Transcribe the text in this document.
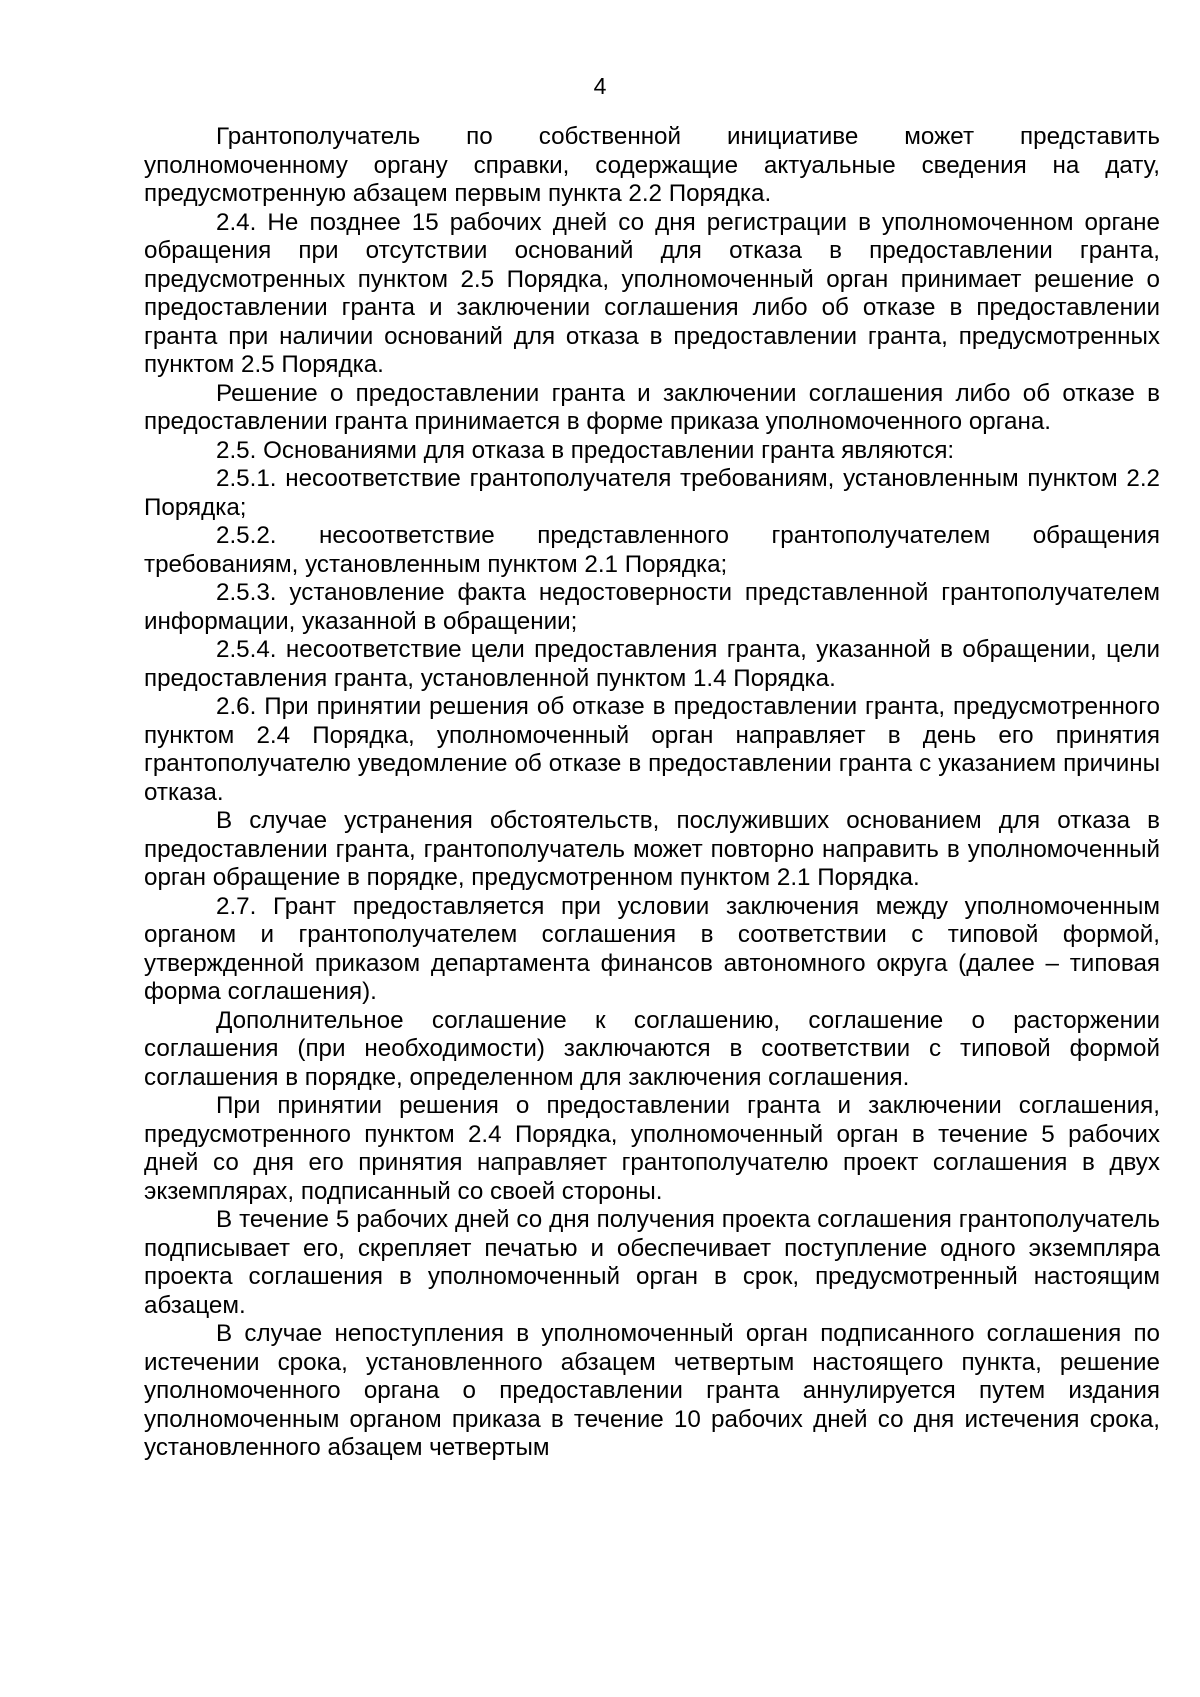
4

Грантополучатель по собственной инициативе может представить уполномоченному органу справки, содержащие актуальные сведения на дату, предусмотренную абзацем первым пункта 2.2 Порядка.

2.4. Не позднее 15 рабочих дней со дня регистрации в уполномоченном органе обращения при отсутствии оснований для отказа в предоставлении гранта, предусмотренных пунктом 2.5 Порядка, уполномоченный орган принимает решение о предоставлении гранта и заключении соглашения либо об отказе в предоставлении гранта при наличии оснований для отказа в предоставлении гранта, предусмотренных пунктом 2.5 Порядка.

Решение о предоставлении гранта и заключении соглашения либо об отказе в предоставлении гранта принимается в форме приказа уполномоченного органа.

2.5. Основаниями для отказа в предоставлении гранта являются:

2.5.1. несоответствие грантополучателя требованиям, установленным пунктом 2.2 Порядка;

2.5.2. несоответствие представленного грантополучателем обращения требованиям, установленным пунктом 2.1 Порядка;

2.5.3. установление факта недостоверности представленной грантополучателем информации, указанной в обращении;

2.5.4. несоответствие цели предоставления гранта, указанной в обращении, цели предоставления гранта, установленной пунктом 1.4 Порядка.

2.6. При принятии решения об отказе в предоставлении гранта, предусмотренного пунктом 2.4 Порядка, уполномоченный орган направляет в день его принятия грантополучателю уведомление об отказе в предоставлении гранта с указанием причины отказа.

В случае устранения обстоятельств, послуживших основанием для отказа в предоставлении гранта, грантополучатель может повторно направить в уполномоченный орган обращение в порядке, предусмотренном пунктом 2.1 Порядка.

2.7. Грант предоставляется при условии заключения между уполномоченным органом и грантополучателем соглашения в соответствии с типовой формой, утвержденной приказом департамента финансов автономного округа (далее – типовая форма соглашения).

Дополнительное соглашение к соглашению, соглашение о расторжении соглашения (при необходимости) заключаются в соответствии с типовой формой соглашения в порядке, определенном для заключения соглашения.

При принятии решения о предоставлении гранта и заключении соглашения, предусмотренного пунктом 2.4 Порядка, уполномоченный орган в течение 5 рабочих дней со дня его принятия направляет грантополучателю проект соглашения в двух экземплярах, подписанный со своей стороны.

В течение 5 рабочих дней со дня получения проекта соглашения грантополучатель подписывает его, скрепляет печатью и обеспечивает поступление одного экземпляра проекта соглашения в уполномоченный орган в срок, предусмотренный настоящим абзацем.

В случае непоступления в уполномоченный орган подписанного соглашения по истечении срока, установленного абзацем четвертым настоящего пункта, решение уполномоченного органа о предоставлении гранта аннулируется путем издания уполномоченным органом приказа в течение 10 рабочих дней со дня истечения срока, установленного абзацем четвертым
